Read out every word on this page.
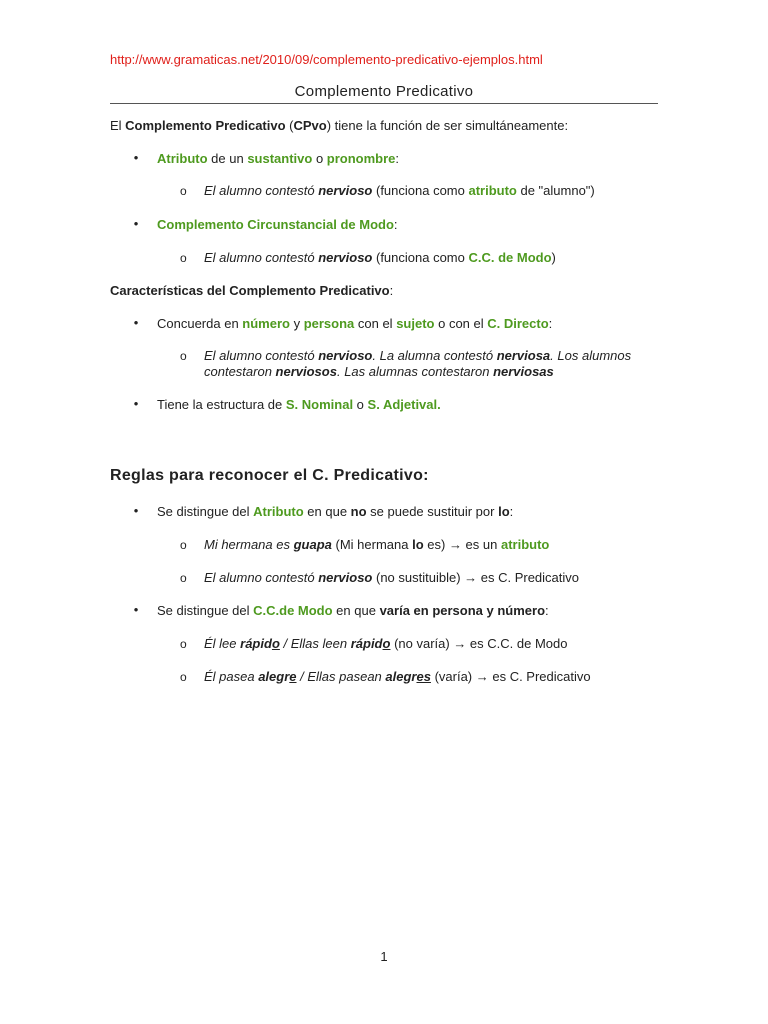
http://www.gramaticas.net/2010/09/complemento-predicativo-ejemplos.html
Complemento Predicativo
El Complemento Predicativo (CPvo) tiene la función de ser simultáneamente:
• Atributo de un sustantivo o pronombre:
o El alumno contestó nervioso (funciona como atributo de "alumno")
• Complemento Circunstancial de Modo:
o El alumno contestó nervioso (funciona como C.C. de Modo)
Características del Complemento Predicativo:
• Concuerda en número y persona con el sujeto o con el C. Directo:
o El alumno contestó nervioso. La alumna contestó nerviosa. Los alumnos
contestaron nerviosos. Las alumnas contestaron nerviosas
• Tiene la estructura de S. Nominal o S. Adjetival.
Reglas para reconocer el C. Predicativo:
• Se distingue del Atributo en que no se puede sustituir por lo:
o Mi hermana es guapa (Mi hermana lo es) → es un atributo
o El alumno contestó nervioso (no sustituible) → es C. Predicativo
• Se distingue del C.C.de Modo en que varía en persona y número:
o Él lee rápido / Ellas leen rápido (no varía) → es C.C. de Modo
o Él pasea alegre / Ellas pasean alegres (varía) → es C. Predicativo
1
